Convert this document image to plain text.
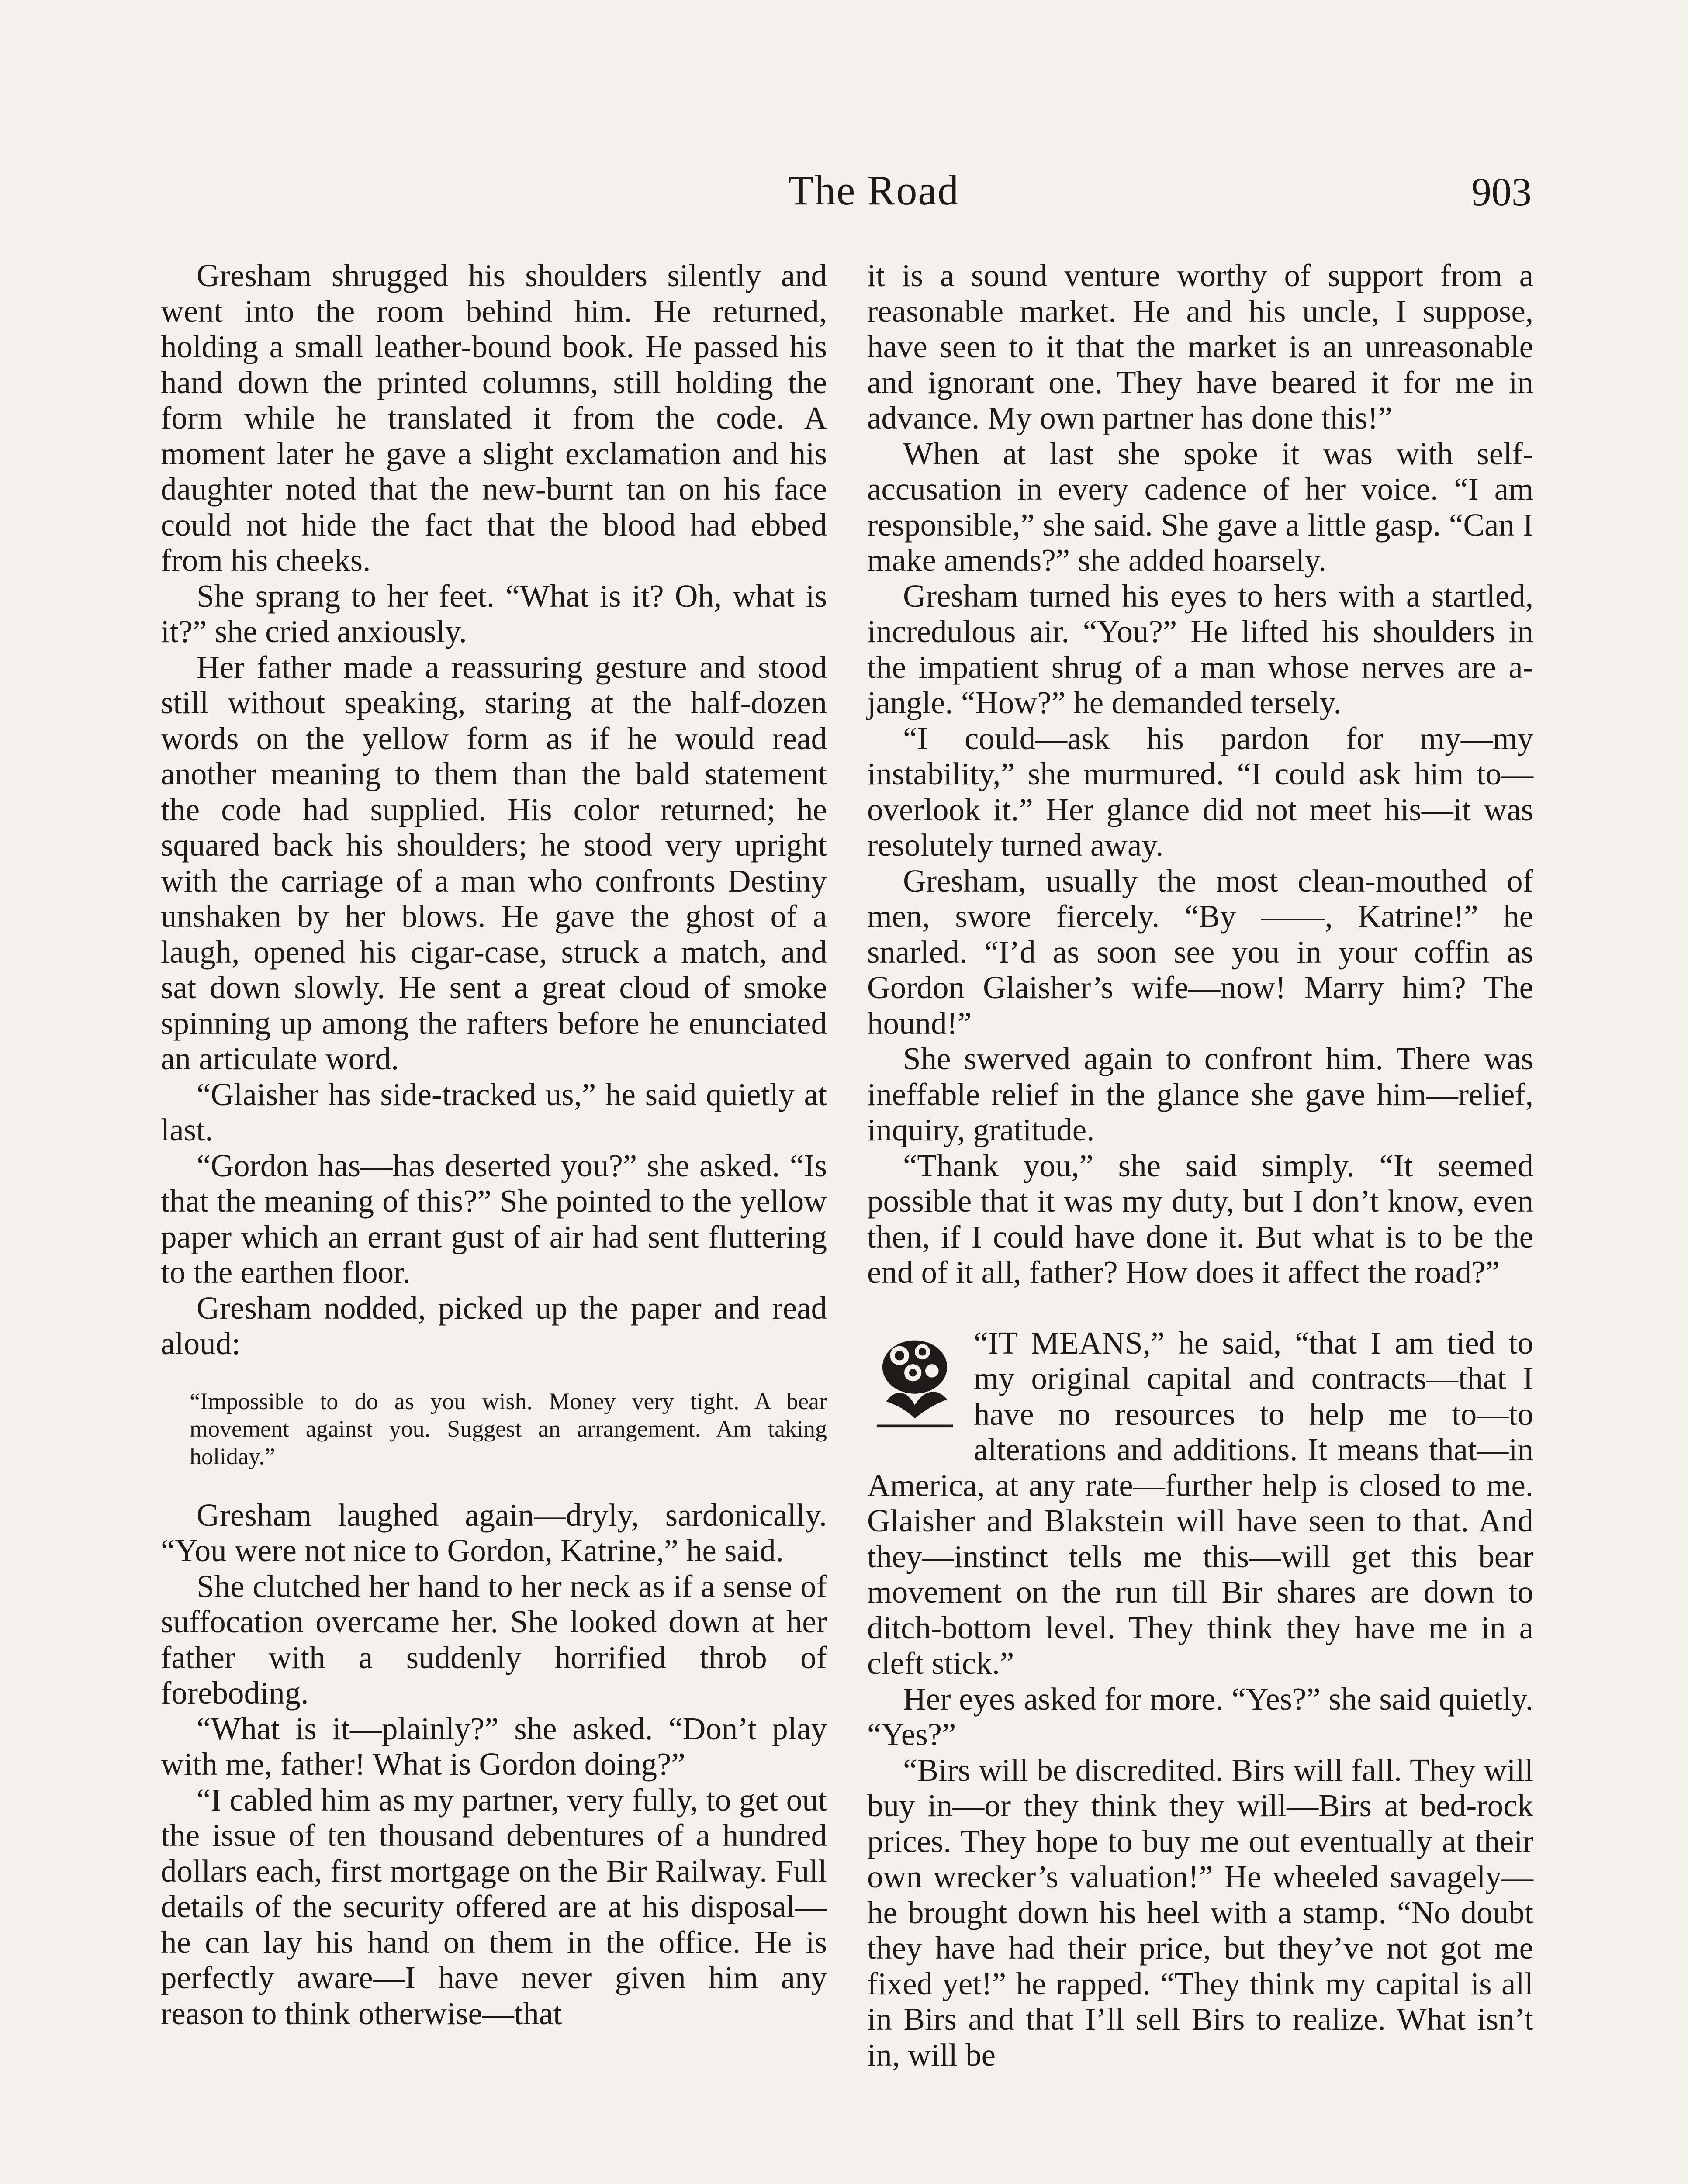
The Road	903

Gresham shrugged his shoulders silently and went into the room behind him. He returned, holding a small leather-bound book. He passed his hand down the printed columns, still holding the form while he translated it from the code. A moment later he gave a slight exclamation and his daughter noted that the new-burnt tan on his face could not hide the fact that the blood had ebbed from his cheeks.

She sprang to her feet. “What is it? Oh, what is it?” she cried anxiously.

Her father made a reassuring gesture and stood still without speaking, staring at the half-dozen words on the yellow form as if he would read another meaning to them than the bald statement the code had supplied. His color returned; he squared back his shoulders; he stood very upright with the carriage of a man who confronts Destiny unshaken by her blows. He gave the ghost of a laugh, opened his cigar-case, struck a match, and sat down slowly. He sent a great cloud of smoke spinning up among the rafters before he enunciated an articulate word.

“Glaisher has side-tracked us,” he said quietly at last.

“Gordon has—has deserted you?” she asked. “Is that the meaning of this?” She pointed to the yellow paper which an errant gust of air had sent fluttering to the earthen floor.

Gresham nodded, picked up the paper and read aloud:

“Impossible to do as you wish. Money very tight. A bear movement against you. Suggest an arrangement. Am taking holiday.”

Gresham laughed again—dryly, sardonically. “You were not nice to Gordon, Katrine,” he said.

She clutched her hand to her neck as if a sense of suffocation overcame her. She looked down at her father with a suddenly horrified throb of foreboding.

“What is it—plainly?” she asked. “Don’t play with me, father! What is Gordon doing?”

“I cabled him as my partner, very fully, to get out the issue of ten thousand debentures of a hundred dollars each, first mortgage on the Bir Railway. Full details of the security offered are at his disposal—he can lay his hand on them in the office. He is perfectly aware—I have never given him any reason to think otherwise—that

it is a sound venture worthy of support from a reasonable market. He and his uncle, I suppose, have seen to it that the market is an unreasonable and ignorant one. They have beared it for me in advance. My own partner has done this!”

When at last she spoke it was with self-accusation in every cadence of her voice. “I am responsible,” she said. She gave a little gasp. “Can I make amends?” she added hoarsely.

Gresham turned his eyes to hers with a startled, incredulous air. “You?” He lifted his shoulders in the impatient shrug of a man whose nerves are a-jangle. “How?” he demanded tersely.

“I could—ask his pardon for my—my instability,” she murmured. “I could ask him to—overlook it.” Her glance did not meet his—it was resolutely turned away.

Gresham, usually the most clean-mouthed of men, swore fiercely. “By ——, Katrine!” he snarled. “I’d as soon see you in your coffin as Gordon Glaisher’s wife—now! Marry him? The hound!”

She swerved again to confront him. There was ineffable relief in the glance she gave him—relief, inquiry, gratitude.

“Thank you,” she said simply. “It seemed possible that it was my duty, but I don’t know, even then, if I could have done it. But what is to be the end of it all, father? How does it affect the road?”

“IT MEANS,” he said, “that I am tied to my original capital and contracts—that I have no resources to help me to—to alterations and additions. It means that—in America, at any rate—further help is closed to me. Glaisher and Blakstein will have seen to that. And they—instinct tells me this—will get this bear movement on the run till Bir shares are down to ditch-bottom level. They think they have me in a cleft stick.”

Her eyes asked for more. “Yes?” she said quietly. “Yes?”

“Birs will be discredited. Birs will fall. They will buy in—or they think they will—Birs at bed-rock prices. They hope to buy me out eventually at their own wrecker’s valuation!” He wheeled savagely—he brought down his heel with a stamp. “No doubt they have had their price, but they’ve not got me fixed yet!” he rapped. “They think my capital is all in Birs and that I’ll sell Birs to realize. What isn’t in, will be
